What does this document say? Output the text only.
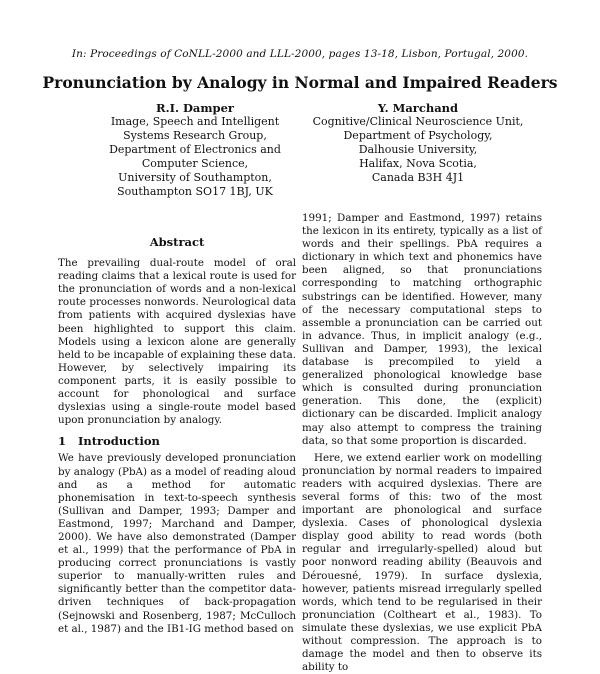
In: Proceedings of CoNLL-2000 and LLL-2000, pages 13-18, Lisbon, Portugal, 2000.
Pronunciation by Analogy in Normal and Impaired Readers
R.I. Damper
Image, Speech and Intelligent
Systems Research Group,
Department of Electronics and
Computer Science,
University of Southampton,
Southampton SO17 1BJ, UK
Y. Marchand
Cognitive/Clinical Neuroscience Unit,
Department of Psychology,
Dalhousie University,
Halifax, Nova Scotia,
Canada B3H 4J1
Abstract

The prevailing dual-route model of oral reading claims that a lexical route is used for the pronunciation of words and a non-lexical route processes nonwords. Neurological data from patients with acquired dyslexias have been highlighted to support this claim. Models using a lexicon alone are generally held to be incapable of explaining these data. However, by selectively impairing its component parts, it is easily possible to account for phonological and surface dyslexias using a single-route model based upon pronunciation by analogy.

1 Introduction

We have previously developed pronunciation by analogy (PbA) as a model of reading aloud and as a method for automatic phonemisation in text-to-speech synthesis (Sullivan and Damper, 1993; Damper and Eastmond, 1997; Marchand and Damper, 2000). We have also demonstrated (Damper et al., 1999) that the performance of PbA in producing correct pronunciations is vastly superior to manually-written rules and significantly better than the competitor data-driven techniques of back-propagation (Sejnowski and Rosenberg, 1987; McCulloch et al., 1987) and the IB1-IG method based on

1991; Damper and Eastmond, 1997) retains the lexicon in its entirety, typically as a list of words and their spellings. PbA requires a dictionary in which text and phonemics have been aligned, so that pronunciations corresponding to matching orthographic substrings can be identified. However, many of the necessary computational steps to assemble a pronunciation can be carried out in advance. Thus, in implicit analogy (e.g., Sullivan and Damper, 1993), the lexical database is precompiled to yield a generalized phonological knowledge base which is consulted during pronunciation generation. This done, the (explicit) dictionary can be discarded. Implicit analogy may also attempt to compress the training data, so that some proportion is discarded.

Here, we extend earlier work on modelling pronunciation by normal readers to impaired readers with acquired dyslexias. There are several forms of this: two of the most important are phonological and surface dyslexia. Cases of phonological dyslexia display good ability to read words (both regular and irregularly-spelled) aloud but poor nonword reading ability (Beauvois and Dérouesné, 1979). In surface dyslexia, however, patients misread irregularly spelled words, which tend to be regularised in their pronunciation (Coltheart et al., 1983). To simulate these dyslexias, we use explicit PbA without compression. The approach is to damage the model and then to observe its ability to
